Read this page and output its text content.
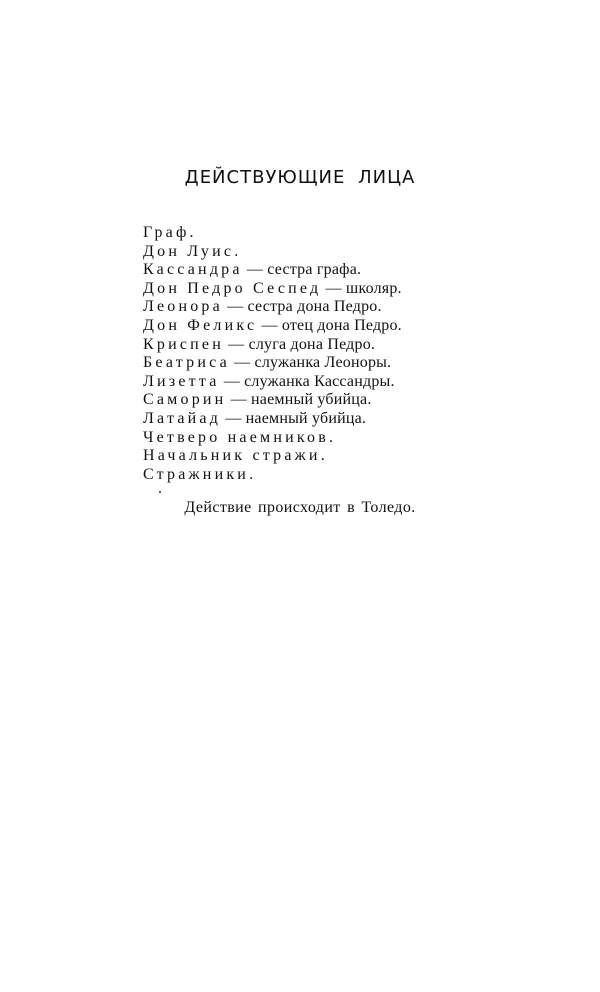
ДЕЙСТВУЮЩИЕ ЛИЦА
Граф.
Дон Луис.
Кассандра — сестра графа.
Дон Педро Сеспед — школяр.
Леонора — сестра дона Педро.
Дон Феликс — отец дона Педро.
Криспен — слуга дона Педро.
Беатриса — служанка Леоноры.
Лизетта — служанка Кассандры.
Саморин — наемный убийца.
Латайад — наемный убийца.
Четверо наемников.
Начальник стражи.
Стражники.

Действие происходит в Толедо.
